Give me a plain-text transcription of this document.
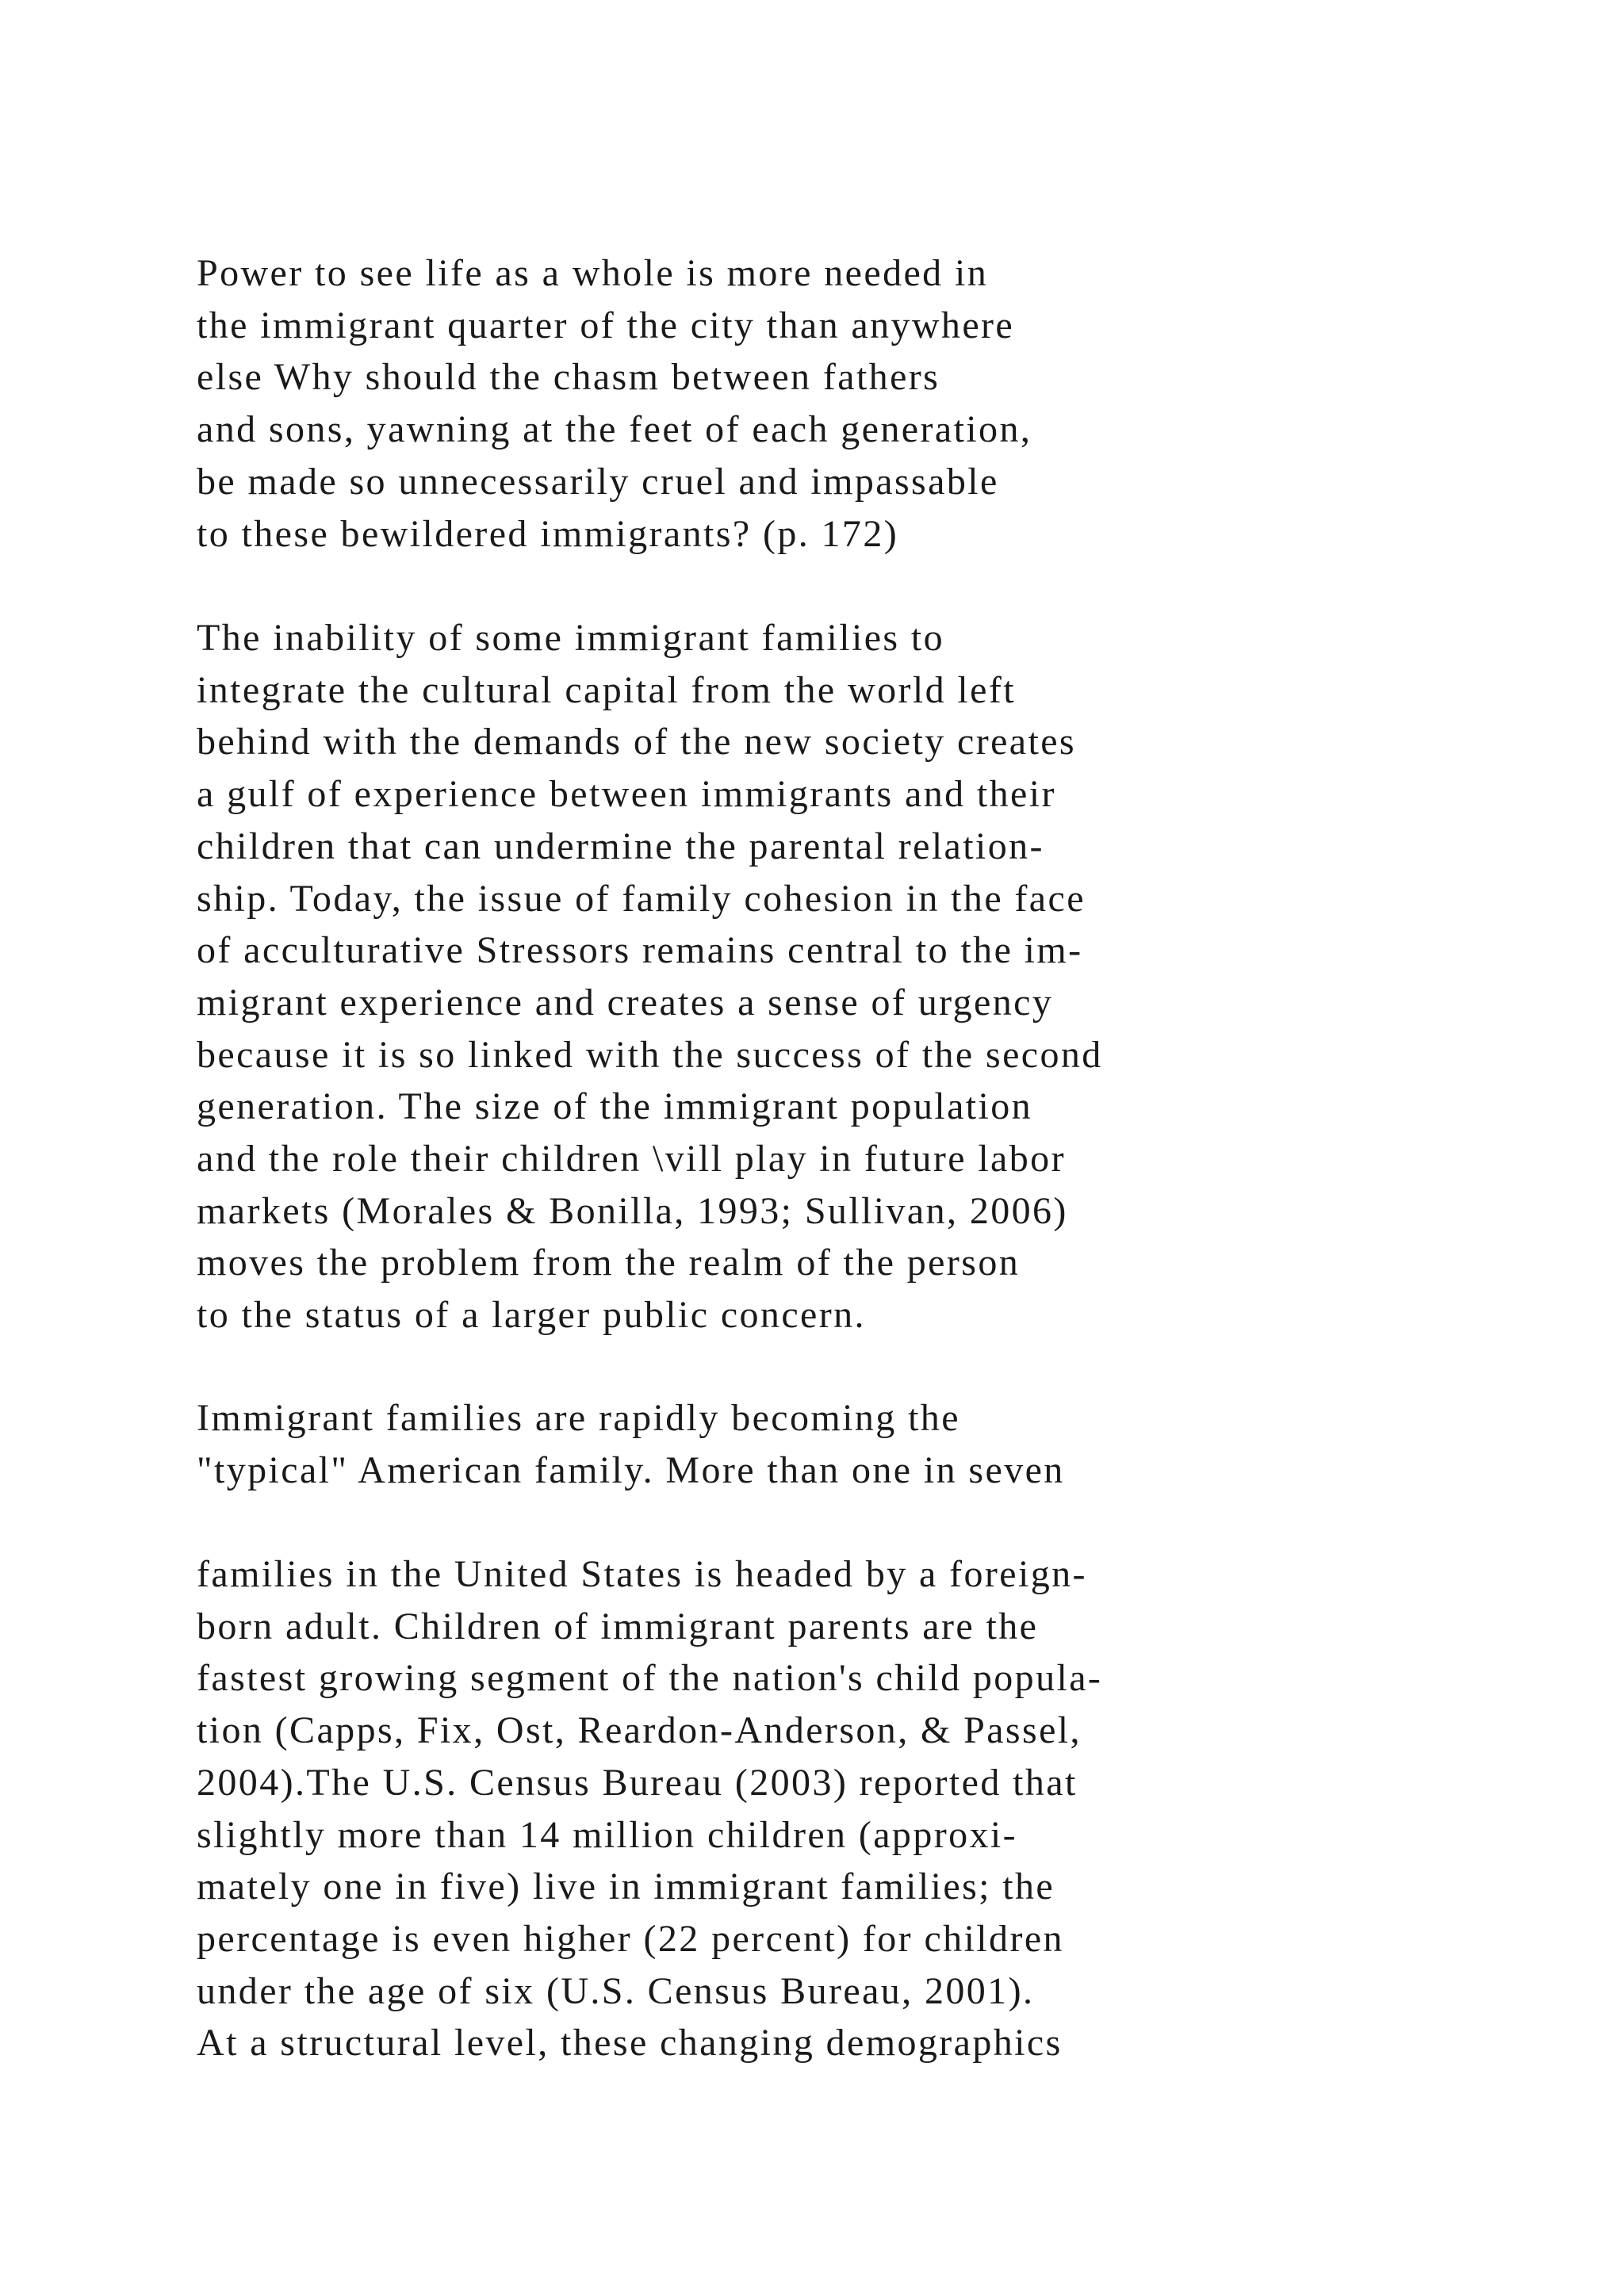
Power to see life as a whole is more needed in
the immigrant quarter of the city than anywhere
else Why should the chasm between fathers
and sons, yawning at the feet of each generation,
be made so unnecessarily cruel and impassable
to these bewildered immigrants? (p. 172)

The inability of some immigrant families to
integrate the cultural capital from the world left
behind with the demands of the new society creates
a gulf of experience between immigrants and their
children that can undermine the parental relation-
ship. Today, the issue of family cohesion in the face
of acculturative Stressors remains central to the im-
migrant experience and creates a sense of urgency
because it is so linked with the success of the second
generation. The size of the immigrant population
and the role their children \vill play in future labor
markets (Morales & Bonilla, 1993; Sullivan, 2006)
moves the problem from the realm of the person
to the status of a larger public concern.

Immigrant families are rapidly becoming the
"typical" American family. More than one in seven

families in the United States is headed by a foreign-
born adult. Children of immigrant parents are the
fastest growing segment of the nation's child popula-
tion (Capps, Fix, Ost, Reardon-Anderson, & Passel,
2004).The U.S. Census Bureau (2003) reported that
slightly more than 14 million children (approxi-
mately one in five) live in immigrant families; the
percentage is even higher (22 percent) for children
under the age of six (U.S. Census Bureau, 2001).
At a structural level, these changing demographics
